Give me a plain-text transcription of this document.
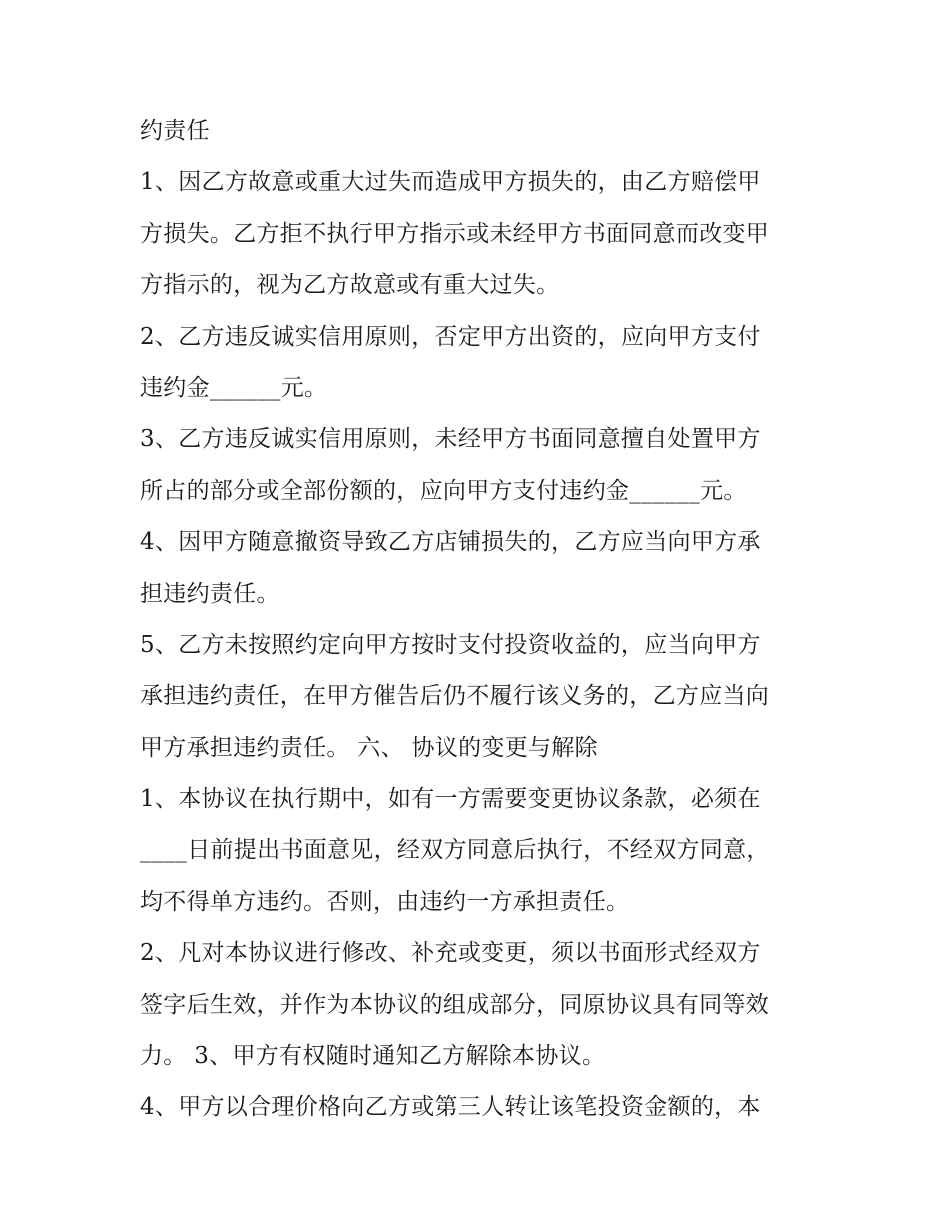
约责任
1、因乙方故意或重大过失而造成甲方损失的，由乙方赔偿甲
方损失。乙方拒不执行甲方指示或未经甲方书面同意而改变甲
方指示的，视为乙方故意或有重大过失。
2、乙方违反诚实信用原则，否定甲方出资的，应向甲方支付
违约金______元。
3、乙方违反诚实信用原则，未经甲方书面同意擅自处置甲方
所占的部分或全部份额的，应向甲方支付违约金______元。
4、因甲方随意撤资导致乙方店铺损失的，乙方应当向甲方承
担违约责任。
5、乙方未按照约定向甲方按时支付投资收益的，应当向甲方
承担违约责任，在甲方催告后仍不履行该义务的，乙方应当向
甲方承担违约责任。 六、 协议的变更与解除
1、本协议在执行期中，如有一方需要变更协议条款，必须在
____日前提出书面意见，经双方同意后执行，不经双方同意，
均不得单方违约。否则，由违约一方承担责任。
2、凡对本协议进行修改、补充或变更，须以书面形式经双方
签字后生效，并作为本协议的组成部分，同原协议具有同等效
力。 3、甲方有权随时通知乙方解除本协议。
4、甲方以合理价格向乙方或第三人转让该笔投资金额的，本
